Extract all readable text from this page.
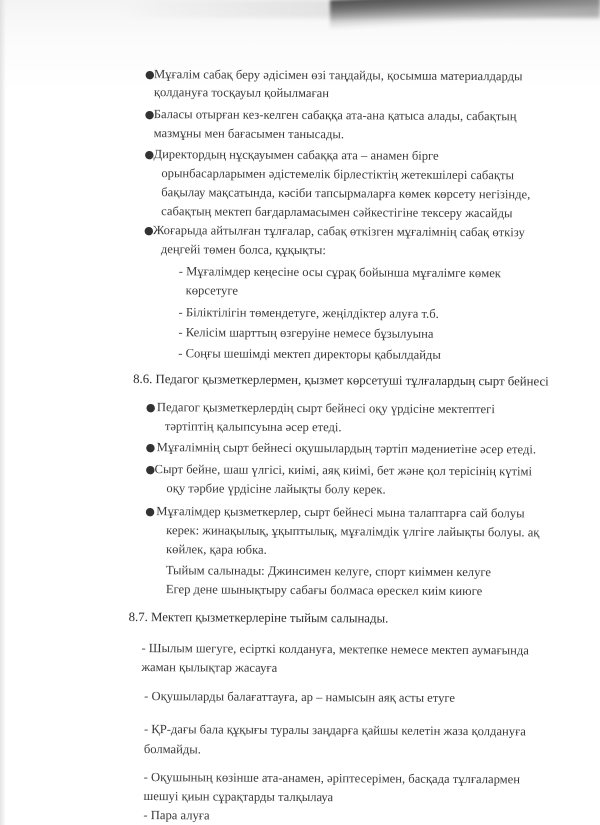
● Мұғалім сабақ беру әдісімен өзі таңдайды, қосымша материалдарды
қолдануға тосқауыл қойылмаған
● Баласы отырған кез-келген сабаққа ата-ана қатыса алады, сабақтың
мазмұны мен бағасымен танысады.
● Директордың нұсқауымен сабаққа ата – анамен бірге
орынбасарларымен әдістемелік бірлестіктің жетекшілері сабақты
бақылау мақсатында, кәсіби тапсырмаларға көмек көрсету негізінде,
сабақтың мектеп бағдарламасымен сәйкестігіне тексеру жасайды
● Жоғарыда айтылған тұлғалар, сабақ өткізген мұғалімнің сабақ өткізу
деңгейі төмен болса, құқықты:
- Мұғалімдер кеңесіне осы сұрақ бойынша мұғалімге көмек
көрсетуге
- Біліктілігін төмендетуге, жеңілдіктер алуға т.б.
- Келісім шарттың өзгеруіне немесе бұзылуына
- Соңғы шешімді мектеп директоры қабылдайды
8.6. Педагог қызметкерлермен, қызмет көрсетуші тұлғалардың сырт бейнесі
● Педагог қызметкерлердің сырт бейнесі оқу үрдісіне мектептегі
тәртіптің қалыпсуына әсер етеді.
● Мұғалімнің сырт бейнесі оқушылардың тәртіп мәдениетіне әсер етеді.
● Сырт бейне, шаш үлгісі, киімі, аяқ киімі, бет және қол терісінің күтімі
оқу тәрбие үрдісіне лайықты болу керек.
● Мұғалімдер қызметкерлер, сырт бейнесі мына талаптарға сай болуы
керек: жинақылық, ұқыптылық, мұғалімдік үлгіге лайықты болуы. ақ
көйлек, қара юбка.
Тыйым салынады: Джинсимен келуге, спорт киіммен келуге
Егер дене шынықтыру сабағы болмаса өрескел киім киюге
8.7. Мектеп қызметкерлеріне тыйым салынады.
- Шылым шегуге, есірткі колдануға, мектепке немесе мектеп аумағында
жаман қылықтар жасауға
- Оқушыларды балағаттауға, ар – намысын аяқ асты етуге
- ҚР-дағы бала құқығы туралы заңдарға қайшы келетін жаза қолдануға
болмайды.
- Оқушының көзінше ата-анамен, әріптесерімен, басқада тұлғалармен
шешуі қиын сұрақтарды талқылауа
- Пара алуға
